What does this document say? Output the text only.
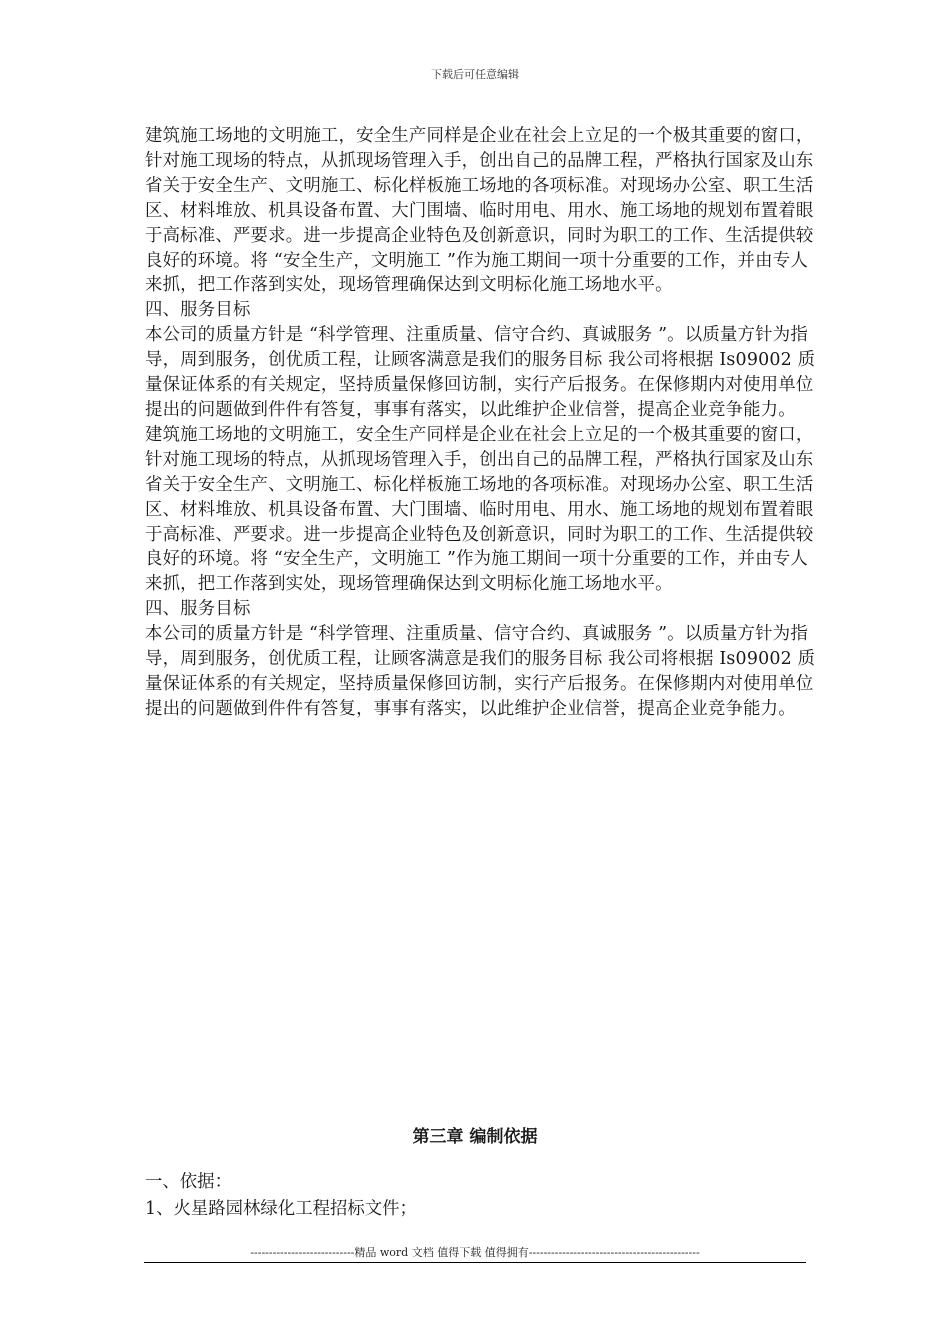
下载后可任意编辑

建筑施工场地的文明施工，安全生产同样是企业在社会上立足的一个极其重要的窗口，针对施工现场的特点，从抓现场管理入手，创出自己的品牌工程，严格执行国家及山东省关于安全生产、文明施工、标化样板施工场地的各项标准。对现场办公室、职工生活区、材料堆放、机具设备布置、大门围墙、临时用电、用水、施工场地的规划布置着眼于高标准、严要求。进一步提高企业特色及创新意识，同时为职工的工作、生活提供较良好的环境。将 “安全生产，文明施工 ”作为施工期间一项十分重要的工作，并由专人来抓，把工作落到实处，现场管理确保达到文明标化施工场地水平。

四、服务目标

本公司的质量方针是 “科学管理、注重质量、信守合约、真诚服务 ”。以质量方针为指导，周到服务，创优质工程，让顾客满意是我们的服务目标 我公司将根据 Is09002 质量保证体系的有关规定，坚持质量保修回访制，实行产后报务。在保修期内对使用单位提出的问题做到件件有答复，事事有落实，以此维护企业信誉，提高企业竞争能力。 建筑施工场地的文明施工，安全生产同样是企业在社会上立足的一个极其重要的窗口，针对施工现场的特点，从抓现场管理入手，创出自己的品牌工程，严格执行国家及山东省关于安全生产、文明施工、标化样板施工场地的各项标准。对现场办公室、职工生活区、材料堆放、机具设备布置、大门围墙、临时用电、用水、施工场地的规划布置着眼于高标准、严要求。进一步提高企业特色及创新意识，同时为职工的工作、生活提供较良好的环境。将 “安全生产，文明施工 ”作为施工期间一项十分重要的工作，并由专人来抓，把工作落到实处，现场管理确保达到文明标化施工场地水平。

四、服务目标

本公司的质量方针是 “科学管理、注重质量、信守合约、真诚服务 ”。以质量方针为指导，周到服务，创优质工程，让顾客满意是我们的服务目标 我公司将根据 Is09002 质量保证体系的有关规定，坚持质量保修回访制，实行产后报务。在保修期内对使用单位提出的问题做到件件有答复，事事有落实，以此维护企业信誉，提高企业竞争能力。

第三章 编制依据

一、依据：

1、火星路园林绿化工程招标文件；

----------------------------精品 word 文档 值得下载 值得拥有----------------------------------------------
